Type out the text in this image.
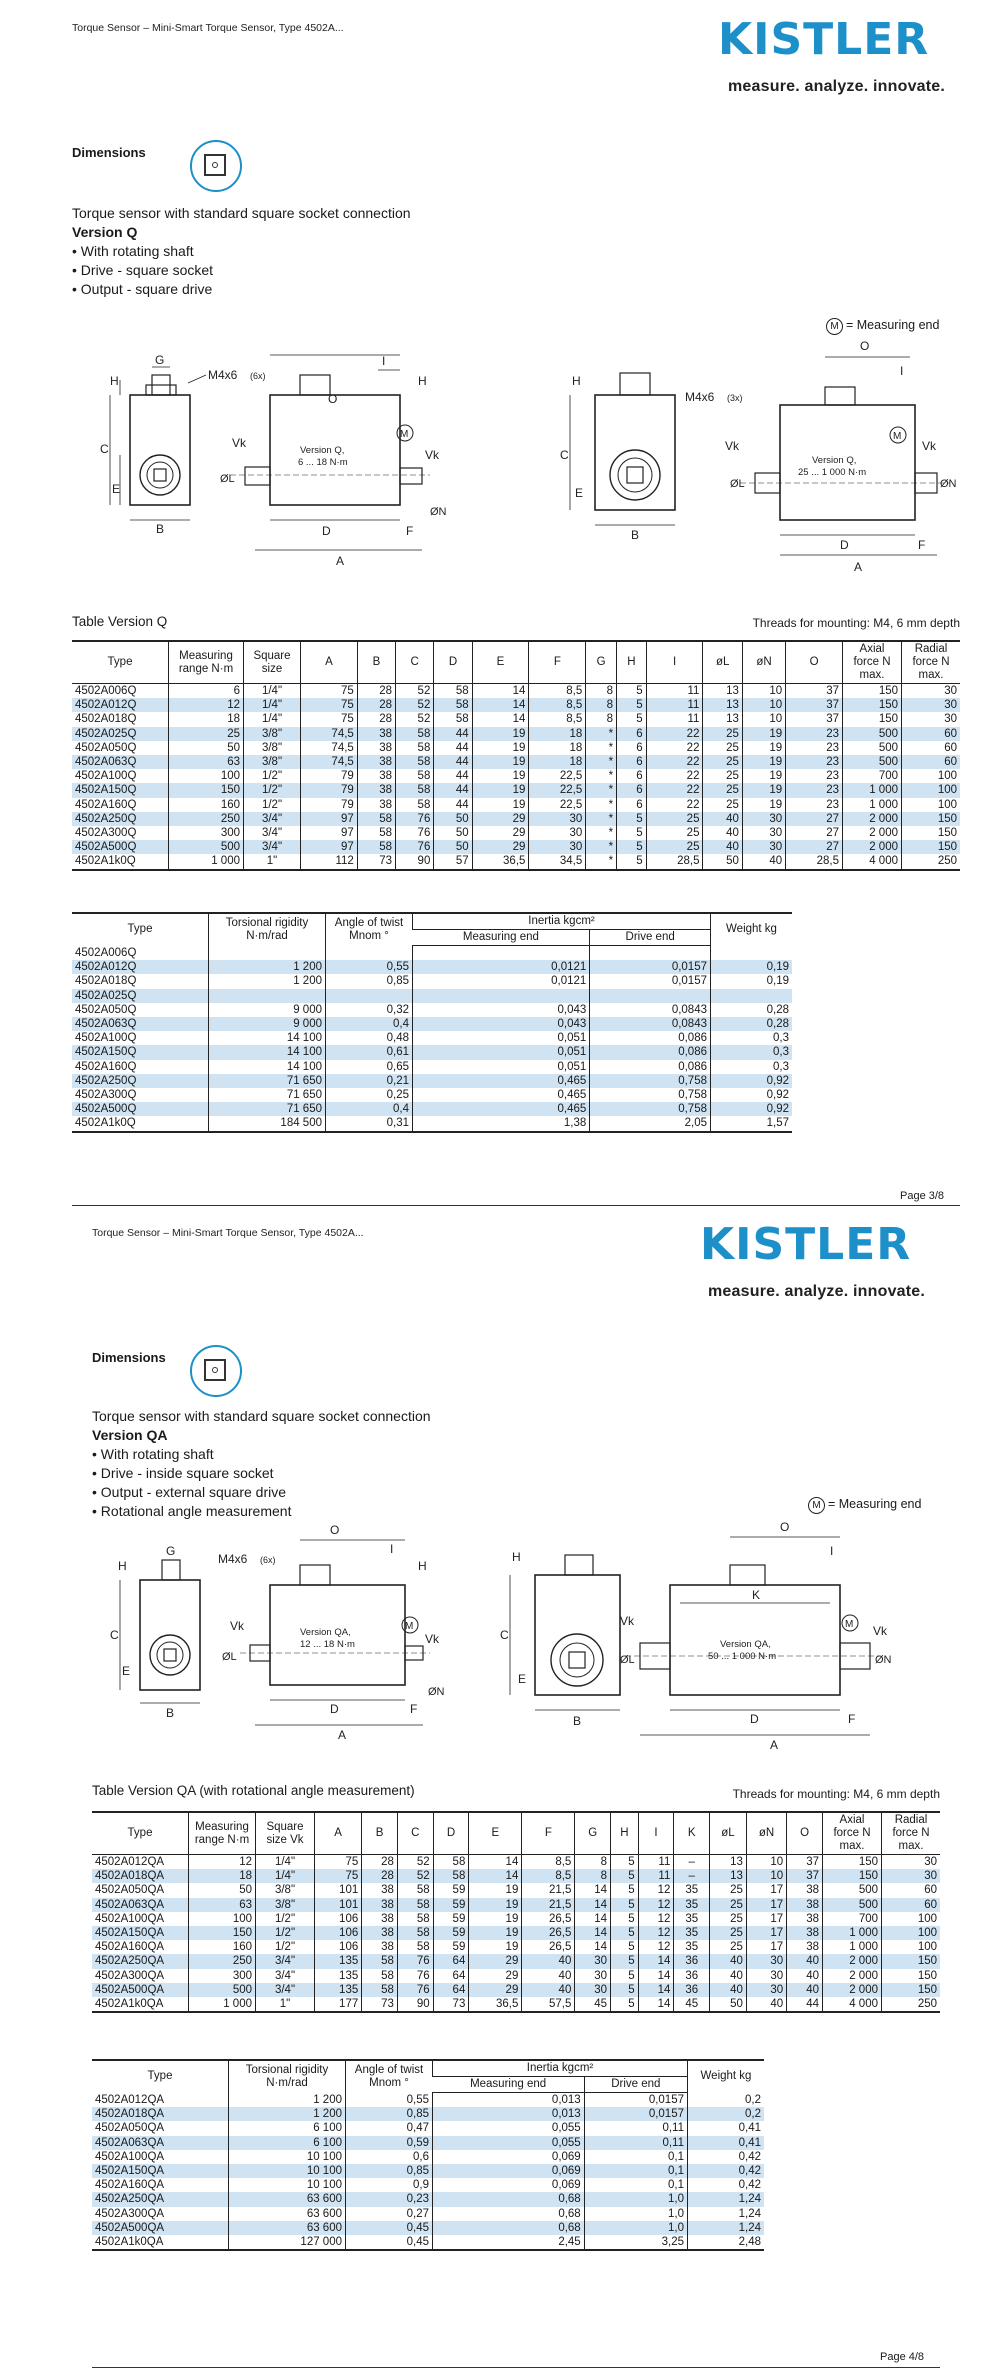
Torque Sensor – Mini-Smart Torque Sensor, Type 4502A...	KISTLER
measure. analyze. innovate.
Dimensions
Torque sensor with standard square socket connection
Version Q
• With rotating shaft
• Drive - square socket
• Output - square drive
M = Measuring end
G
M4x6 (6x)
C
H
E
B
O
I
H
Version Q,
6 ... 18 N·m
M
Vk
Vk
ØL
ØN
D	F
A
C
H
E
B
M4x6 (3x)
I
O
Version Q,
25 ... 1 000 N·m
M
Vk	Vk
ØL	ØN
D	F
A
Table Version Q	Threads for mounting: M4, 6 mm depth
Type	Measuring range N·m	Square size	A	B	C	D	E	F	G	H	I	øL	øN	O	Axial force N max.	Radial force N max.
4502A006Q	6	1/4"	75	28	52	58	14	8,5	8	5	11	13	10	37	150	30
4502A012Q	12	1/4"	75	28	52	58	14	8,5	8	5	11	13	10	37	150	30
4502A018Q	18	1/4"	75	28	52	58	14	8,5	8	5	11	13	10	37	150	30
4502A025Q	25	3/8"	74,5	38	58	44	19	18	*	6	22	25	19	23	500	60
4502A050Q	50	3/8"	74,5	38	58	44	19	18	*	6	22	25	19	23	500	60
4502A063Q	63	3/8"	74,5	38	58	44	19	18	*	6	22	25	19	23	500	60
4502A100Q	100	1/2"	79	38	58	44	19	22,5	*	6	22	25	19	23	700	100
4502A150Q	150	1/2"	79	38	58	44	19	22,5	*	6	22	25	19	23	1 000	100
4502A160Q	160	1/2"	79	38	58	44	19	22,5	*	6	22	25	19	23	1 000	100
4502A250Q	250	3/4"	97	58	76	50	29	30	*	5	25	40	30	27	2 000	150
4502A300Q	300	3/4"	97	58	76	50	29	30	*	5	25	40	30	27	2 000	150
4502A500Q	500	3/4"	97	58	76	50	29	30	*	5	25	40	30	27	2 000	150
4502A1k0Q	1 000	1"	112	73	90	57	36,5	34,5	*	5	28,5	50	40	28,5	4 000	250
Type	Torsional rigidity N·m/rad	Angle of twist Mnom °	Inertia kgcm²		Weight kg
			Measuring end	Drive end	
4502A006Q					
4502A012Q	1 200	0,55	0,0121	0,0157	0,19
4502A018Q	1 200	0,85	0,0121	0,0157	0,19
4502A025Q					
4502A050Q	9 000	0,32	0,043	0,0843	0,28
4502A063Q	9 000	0,4	0,043	0,0843	0,28
4502A100Q	14 100	0,48	0,051	0,086	0,3
4502A150Q	14 100	0,61	0,051	0,086	0,3
4502A160Q	14 100	0,65	0,051	0,086	0,3
4502A250Q	71 650	0,21	0,465	0,758	0,92
4502A300Q	71 650	0,25	0,465	0,758	0,92
4502A500Q	71 650	0,4	0,465	0,758	0,92
4502A1k0Q	184 500	0,31	1,38	2,05	1,57
Page 3/8
Torque Sensor – Mini-Smart Torque Sensor, Type 4502A...	KISTLER
measure. analyze. innovate.
Dimensions
Torque sensor with standard square socket connection
Version QA
• With rotating shaft
• Drive - inside square socket
• Output - external square drive
• Rotational angle measurement	M = Measuring end
G
M4x6 (6x)
C
H
E
B
O
I
H
Version QA,
12 ... 18 N·m
M
Vk
Vk
ØL
ØN
D	F
A
C
H
E
B
O
I
K
Version QA,
50 ... 1 000 N·m
M
Vk
Vk
ØL	ØN
D	F
A
Table Version QA (with rotational angle measurement)	Threads for mounting: M4, 6 mm depth
Type	Measuring range N·m	Square size Vk	A	B	C	D	E	F	G	H	I	K	øL	øN	O	Axial force N max.	Radial force N max.
4502A012QA	12	1/4"	75	28	52	58	14	8,5	8	5	11	–	13	10	37	150	30
4502A018QA	18	1/4"	75	28	52	58	14	8,5	8	5	11	–	13	10	37	150	30
4502A050QA	50	3/8"	101	38	58	59	19	21,5	14	5	12	35	25	17	38	500	60
4502A063QA	63	3/8"	101	38	58	59	19	21,5	14	5	12	35	25	17	38	500	60
4502A100QA	100	1/2"	106	38	58	59	19	26,5	14	5	12	35	25	17	38	700	100
4502A150QA	150	1/2"	106	38	58	59	19	26,5	14	5	12	35	25	17	38	1 000	100
4502A160QA	160	1/2"	106	38	58	59	19	26,5	14	5	12	35	25	17	38	1 000	100
4502A250QA	250	3/4"	135	58	76	64	29	40	30	5	14	36	40	30	40	2 000	150
4502A300QA	300	3/4"	135	58	76	64	29	40	30	5	14	36	40	30	40	2 000	150
4502A500QA	500	3/4"	135	58	76	64	29	40	30	5	14	36	40	30	40	2 000	150
4502A1k0QA	1 000	1"	177	73	90	73	36,5	57,5	45	5	14	45	50	40	44	4 000	250
Type	Torsional rigidity N·m/rad	Angle of twist Mnom °	Inertia kgcm²		Weight kg
			Measuring end	Drive end	
4502A012QA	1 200	0,55	0,013	0,0157	0,2
4502A018QA	1 200	0,85	0,013	0,0157	0,2
4502A050QA	6 100	0,47	0,055	0,11	0,41
4502A063QA	6 100	0,59	0,055	0,11	0,41
4502A100QA	10 100	0,6	0,069	0,1	0,42
4502A150QA	10 100	0,85	0,069	0,1	0,42
4502A160QA	10 100	0,9	0,069	0,1	0,42
4502A250QA	63 600	0,23	0,68	1,0	1,24
4502A300QA	63 600	0,27	0,68	1,0	1,24
4502A500QA	63 600	0,45	0,68	1,0	1,24
4502A1k0QA	127 000	0,45	2,45	3,25	2,48
Page 4/8
